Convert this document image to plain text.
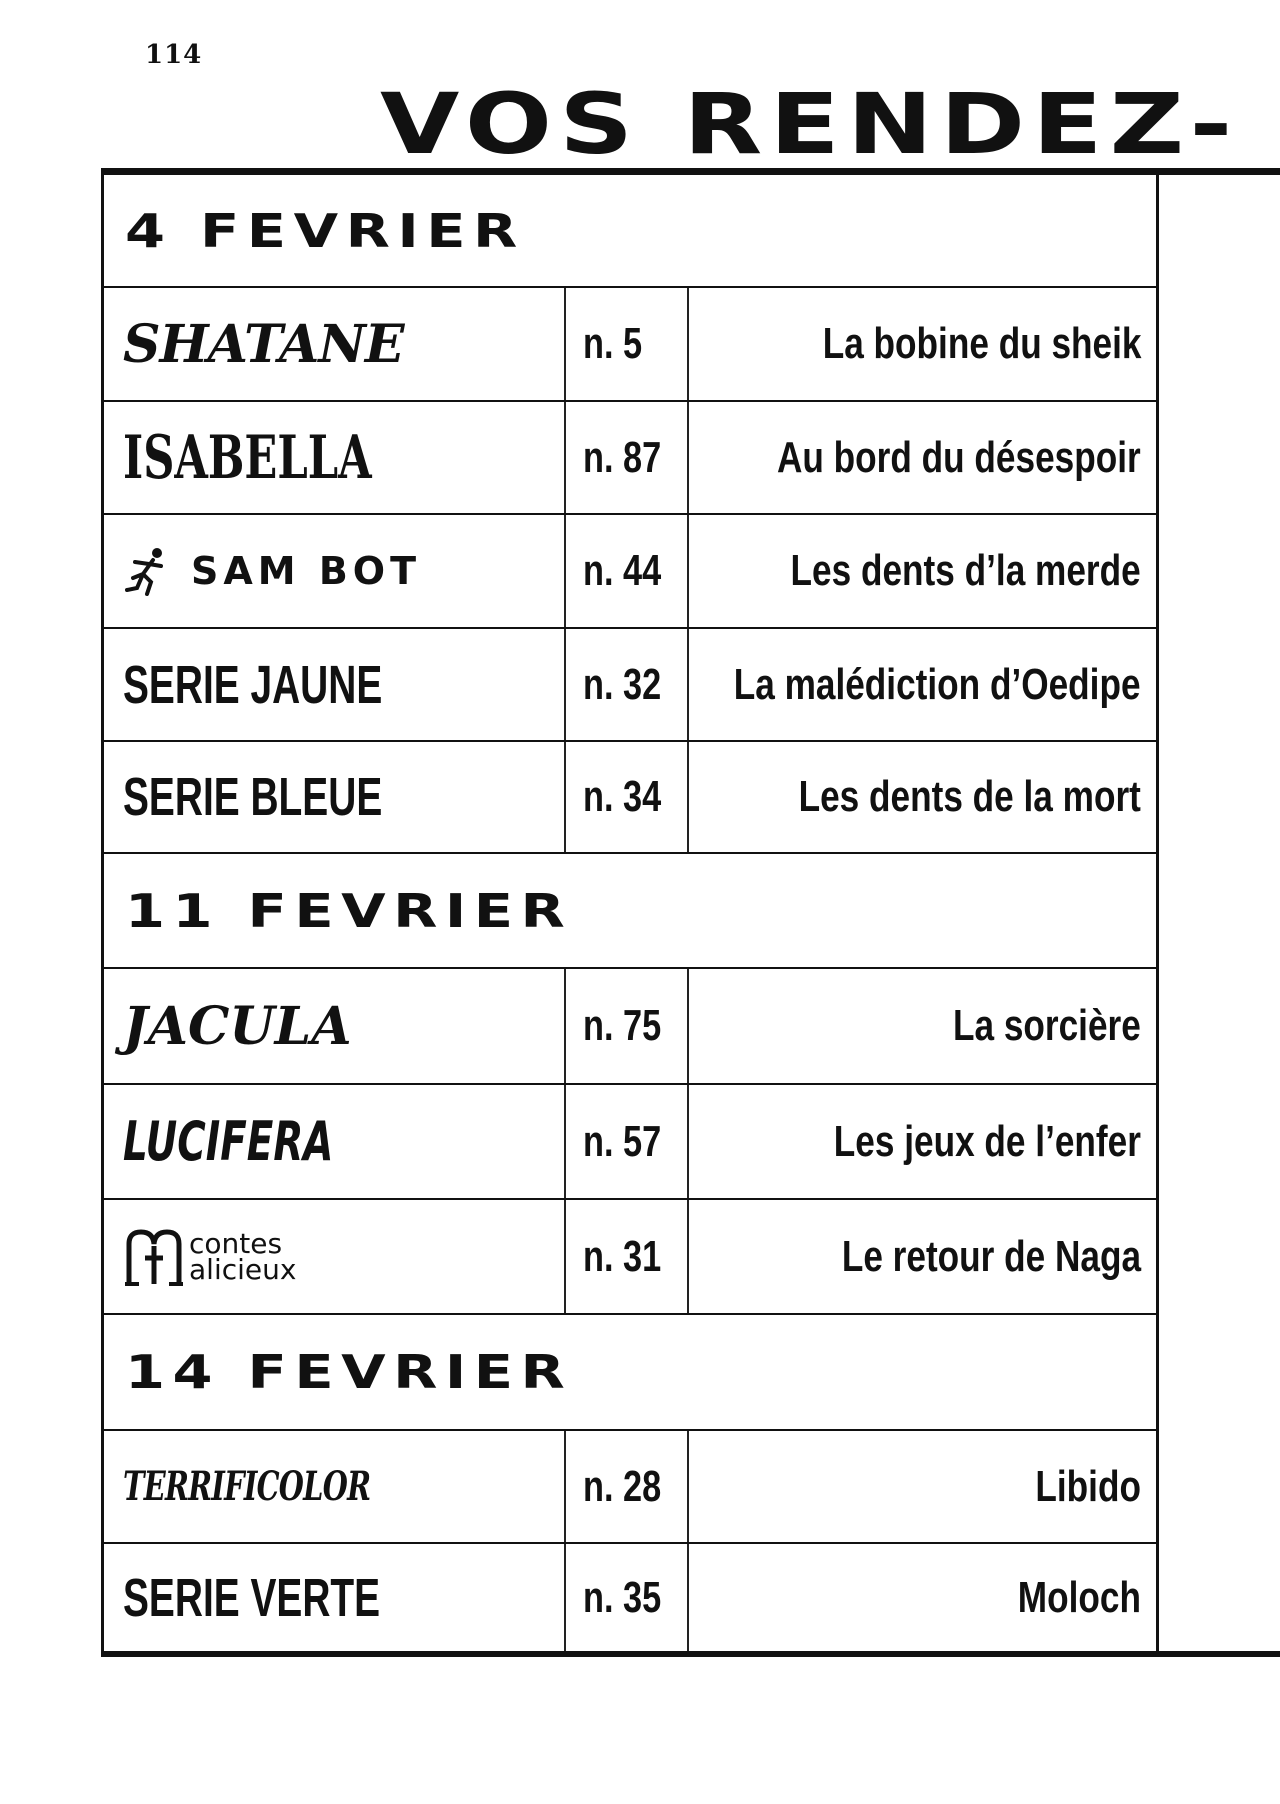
114
VOS RENDEZ-
4 FEVRIER
SHATANE	n. 5	La bobine du sheik
ISABELLA	n. 87	Au bord du désespoir
SAM BOT	n. 44	Les dents d’la merde
SERIE JAUNE	n. 32 La malédiction d’Oedipe
SERIE BLEUE	n. 34	Les dents de la mort
11 FEVRIER
JACULA	n. 75	La sorcière
LUCIFERA	n. 57	Les jeux de l’enfer
contes
alicieux	n. 31	Le retour de Naga
14 FEVRIER
TERRIFICOLOR	n. 28	Libido
SERIE VERTE	n. 35	Moloch
